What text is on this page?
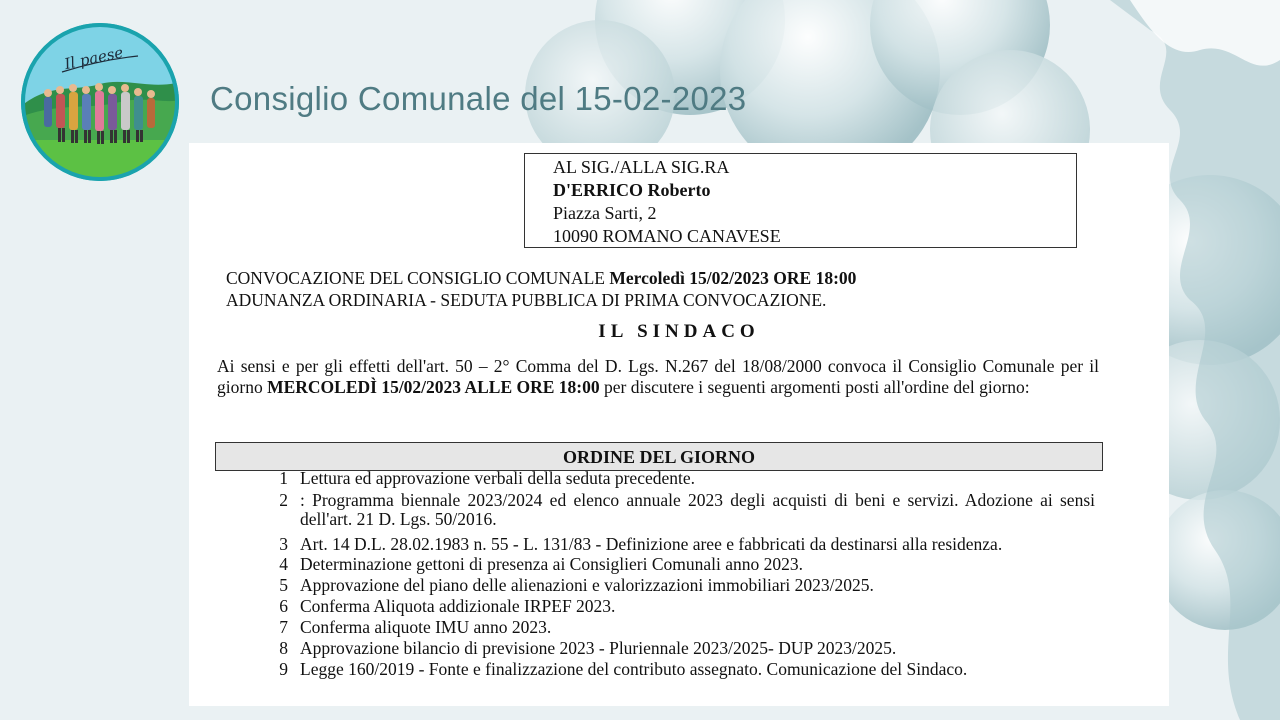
Il paese
Consiglio Comunale del 15-02-2023
AL SIG./ALLA SIG.RA
D'ERRICO Roberto
Piazza Sarti, 2
10090 ROMANO CANAVESE
CONVOCAZIONE DEL CONSIGLIO COMUNALE Mercoledì 15/02/2023 ORE 18:00
ADUNANZA ORDINARIA - SEDUTA PUBBLICA DI PRIMA CONVOCAZIONE.
IL SINDACO
Ai sensi e per gli effetti dell'art. 50 – 2° Comma del D. Lgs. N.267 del 18/08/2000 convoca il Consiglio Comunale per il giorno MERCOLEDÌ 15/02/2023 ALLE ORE 18:00 per discutere i seguenti argomenti posti all'ordine del giorno:
ORDINE DEL GIORNO
1 Lettura ed approvazione verbali della seduta precedente.
2 : Programma biennale 2023/2024 ed elenco annuale 2023 degli acquisti di beni e servizi. Adozione ai sensi dell'art. 21 D. Lgs. 50/2016.
3 Art. 14 D.L. 28.02.1983 n. 55 - L. 131/83 - Definizione aree e fabbricati da destinarsi alla residenza.
4 Determinazione gettoni di presenza ai Consiglieri Comunali anno 2023.
5 Approvazione del piano delle alienazioni e valorizzazioni immobiliari 2023/2025.
6 Conferma Aliquota addizionale IRPEF 2023.
7 Conferma aliquote IMU anno 2023.
8 Approvazione bilancio di previsione 2023 - Pluriennale 2023/2025- DUP 2023/2025.
9 Legge 160/2019 - Fonte e finalizzazione del contributo assegnato. Comunicazione del Sindaco.
